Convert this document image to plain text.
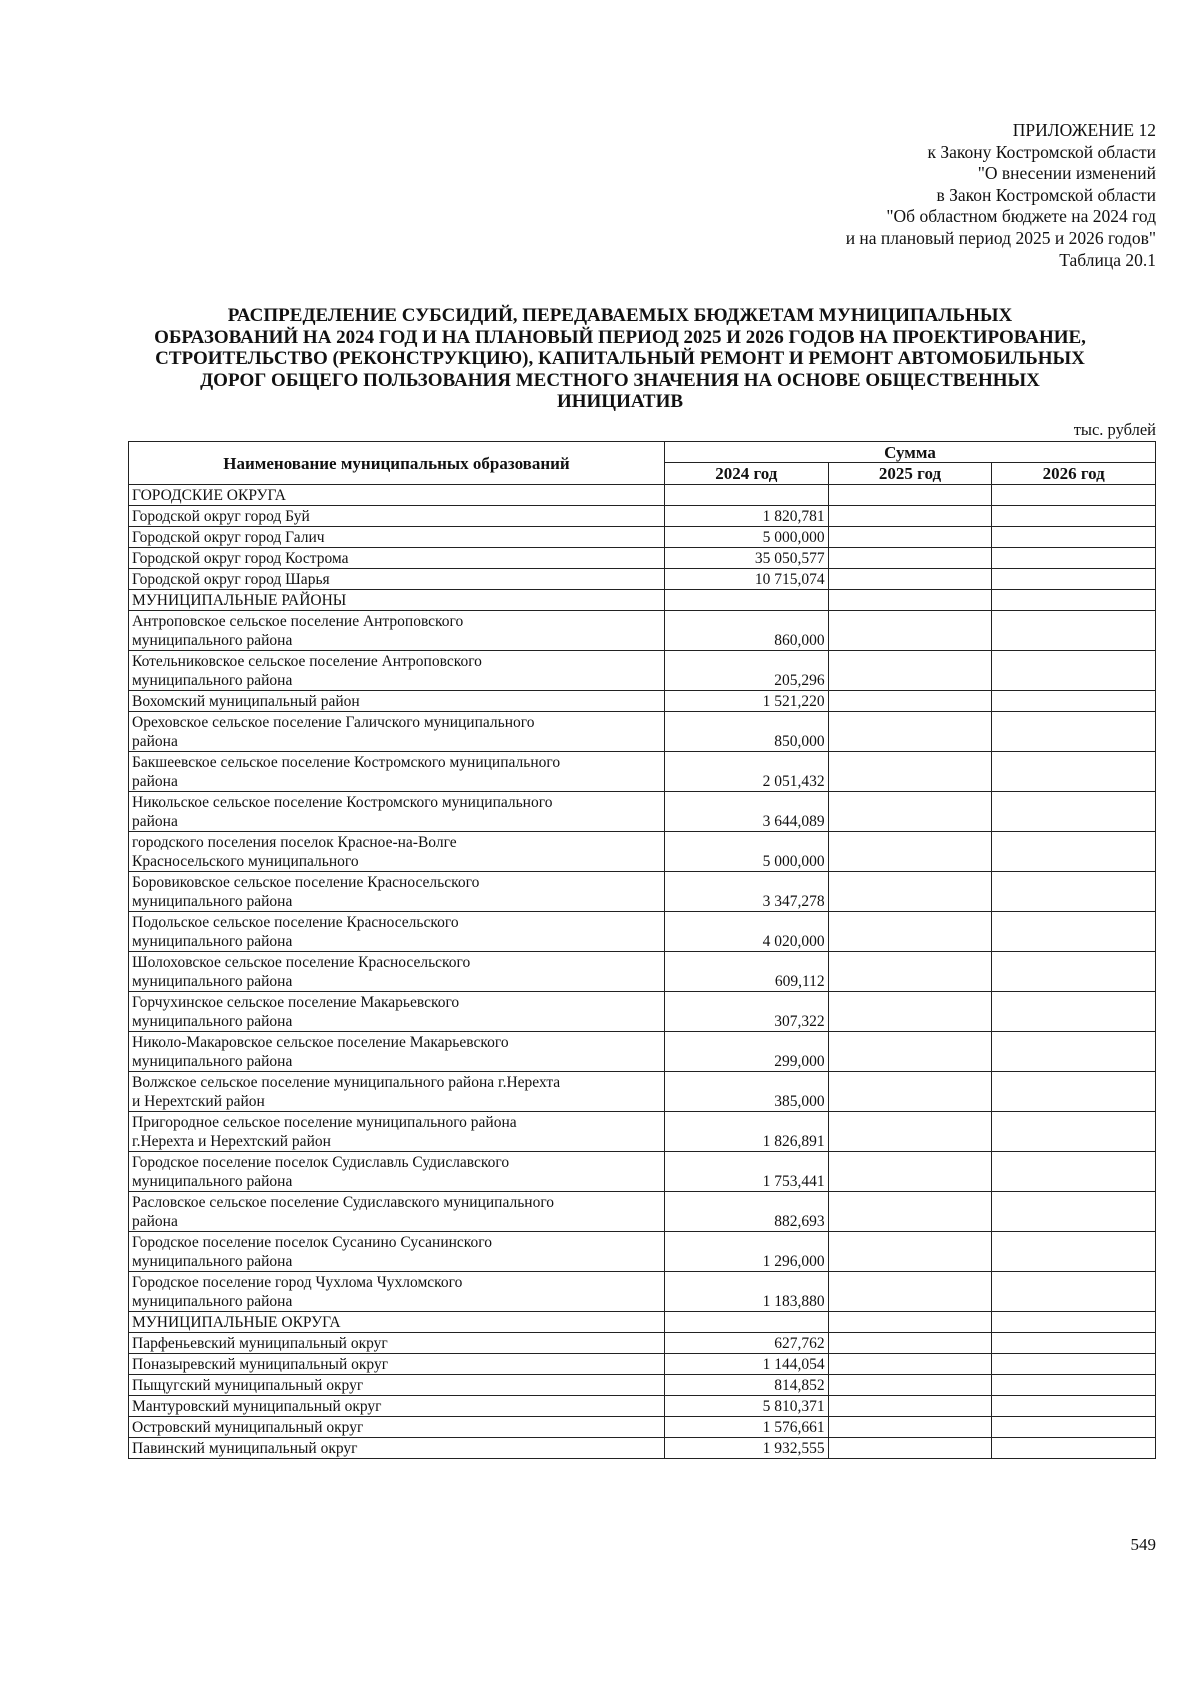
ПРИЛОЖЕНИЕ 12
к Закону Костромской области
"О внесении изменений
в Закон Костромской области
"Об областном бюджете на 2024 год
и на плановый период 2025 и 2026 годов"
Таблица 20.1
РАСПРЕДЕЛЕНИЕ СУБСИДИЙ, ПЕРЕДАВАЕМЫХ БЮДЖЕТАМ МУНИЦИПАЛЬНЫХ
ОБРАЗОВАНИЙ НА 2024 ГОД И НА ПЛАНОВЫЙ ПЕРИОД 2025 И 2026 ГОДОВ НА ПРОЕКТИРОВАНИЕ,
СТРОИТЕЛЬСТВО (РЕКОНСТРУКЦИЮ), КАПИТАЛЬНЫЙ РЕМОНТ И РЕМОНТ АВТОМОБИЛЬНЫХ
ДОРОГ ОБЩЕГО ПОЛЬЗОВАНИЯ МЕСТНОГО ЗНАЧЕНИЯ НА ОСНОВЕ ОБЩЕСТВЕННЫХ
ИНИЦИАТИВ
тыс. рублей
Наименование муниципальных образований	Сумма		
	2024 год	2025 год	2026 год

ГОРОДСКИЕ ОКРУГА			

Городской округ город Буй	1 820,781		

Городской округ город Галич	5 000,000		

Городской округ город Кострома	35 050,577		

Городской округ город Шарья	10 715,074		

МУНИЦИПАЛЬНЫЕ РАЙОНЫ			

Антроповское сельское поселение Антроповского
муниципального района	860,000		

Котельниковское сельское поселение Антроповского
муниципального района	205,296		

Вохомский муниципальный район	1 521,220		

Ореховское сельское поселение Галичского муниципального
района	850,000		

Бакшеевское сельское поселение Костромского муниципального
района	2 051,432		

Никольское сельское поселение Костромского муниципального
района	3 644,089		

городского поселения поселок Красное-на-Волге
Красносельского муниципального	5 000,000		

Боровиковское сельское поселение Красносельского
муниципального района	3 347,278		

Подольское сельское поселение Красносельского
муниципального района	4 020,000		

Шолоховское сельское поселение Красносельского
муниципального района	609,112		

Горчухинское сельское поселение Макарьевского
муниципального района	307,322		

Николо-Макаровское сельское поселение Макарьевского
муниципального района	299,000		

Волжское сельское поселение муниципального района г.Нерехта
и Нерехтский район	385,000		

Пригородное сельское поселение муниципального района
г.Нерехта и Нерехтский район	1 826,891		

Городское поселение поселок Судиславль Судиславского
муниципального района	1 753,441		

Расловское сельское поселение Судиславского муниципального
района	882,693		

Городское поселение поселок Сусанино Сусанинского
муниципального района	1 296,000		

Городское поселение город Чухлома Чухломского
муниципального района	1 183,880		

МУНИЦИПАЛЬНЫЕ ОКРУГА			

Парфеньевский муниципальный округ	627,762		

Поназыревский муниципальный округ	1 144,054		

Пыщугский муниципальный округ	814,852		

Мантуровский муниципальный округ	5 810,371		

Островский муниципальный округ	1 576,661		

Павинский муниципальный округ	1 932,555		
549
